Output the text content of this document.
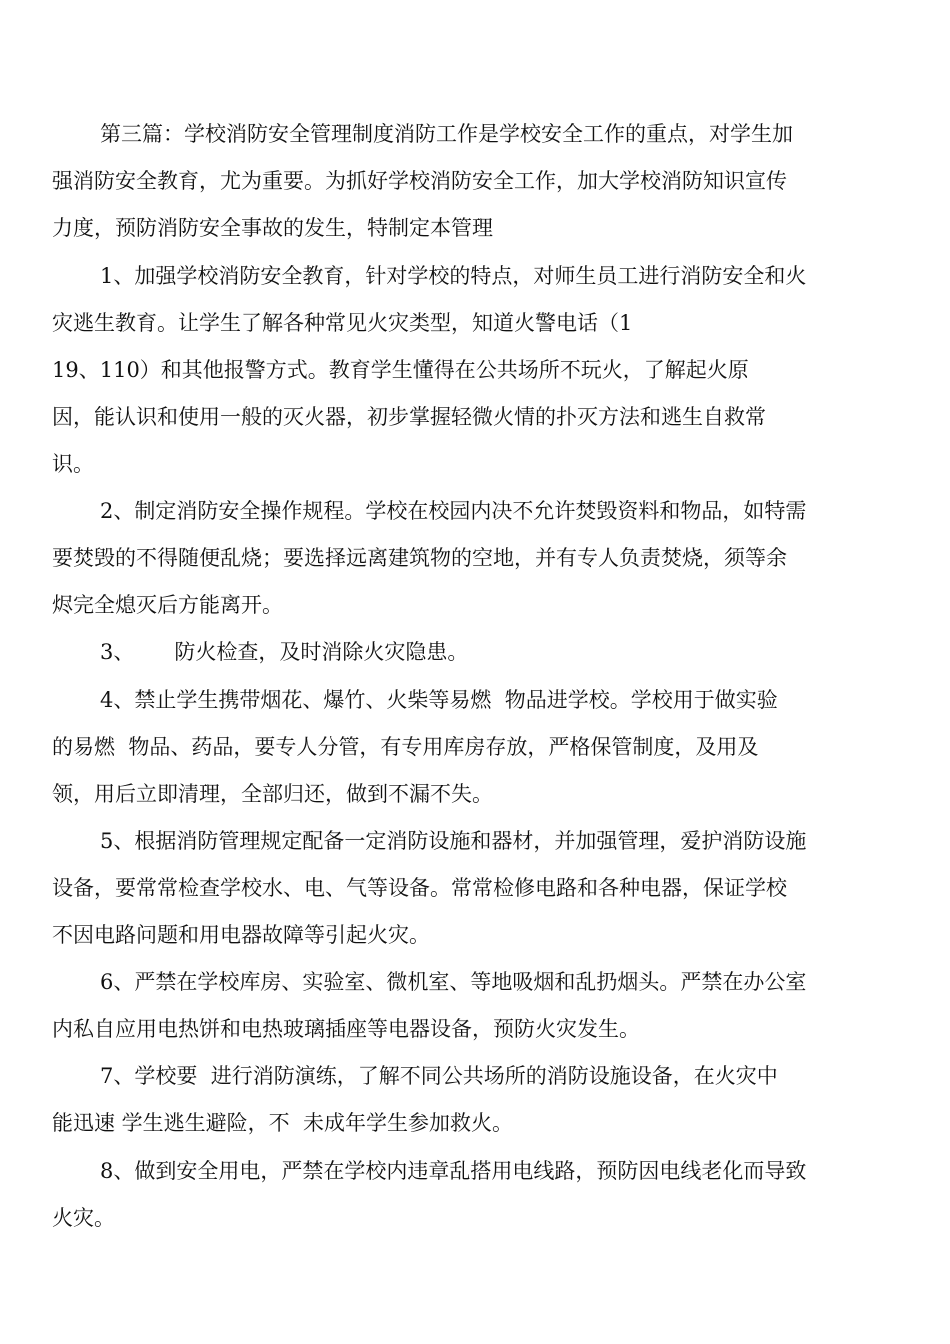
第三篇：学校消防安全管理制度消防工作是学校安全工作的重点，对学生加
强消防安全教育，尤为重要。为抓好学校消防安全工作，加大学校消防知识宣传
力度，预防消防安全事故的发生，特制定本管理
1、加强学校消防安全教育，针对学校的特点，对师生员工进行消防安全和火
灾逃生教育。让学生了解各种常见火灾类型，知道火警电话（1
19、110）和其他报警方式。教育学生懂得在公共场所不玩火，了解起火原
因，能认识和使用一般的灭火器，初步掌握轻微火情的扑灭方法和逃生自救常
识。
2、制定消防安全操作规程。学校在校园内决不允许焚毁资料和物品，如特需
要焚毁的不得随便乱烧；要选择远离建筑物的空地，并有专人负责焚烧，须等余
烬完全熄灭后方能离开。
3、      防火检查，及时消除火灾隐患。
4、禁止学生携带烟花、爆竹、火柴等易燃  物品进学校。学校用于做实验
的易燃  物品、药品，要专人分管，有专用库房存放，严格保管制度，及用及
领，用后立即清理，全部归还，做到不漏不失。
5、根据消防管理规定配备一定消防设施和器材，并加强管理，爱护消防设施
设备，要常常检查学校水、电、气等设备。常常检修电路和各种电器，保证学校
不因电路问题和用电器故障等引起火灾。
6、严禁在学校库房、实验室、微机室、等地吸烟和乱扔烟头。严禁在办公室
内私自应用电热饼和电热玻璃插座等电器设备，预防火灾发生。
7、学校要  进行消防演练，了解不同公共场所的消防设施设备，在火灾中
能迅速 学生逃生避险，不  未成年学生参加救火。
8、做到安全用电，严禁在学校内违章乱搭用电线路，预防因电线老化而导致
火灾。
